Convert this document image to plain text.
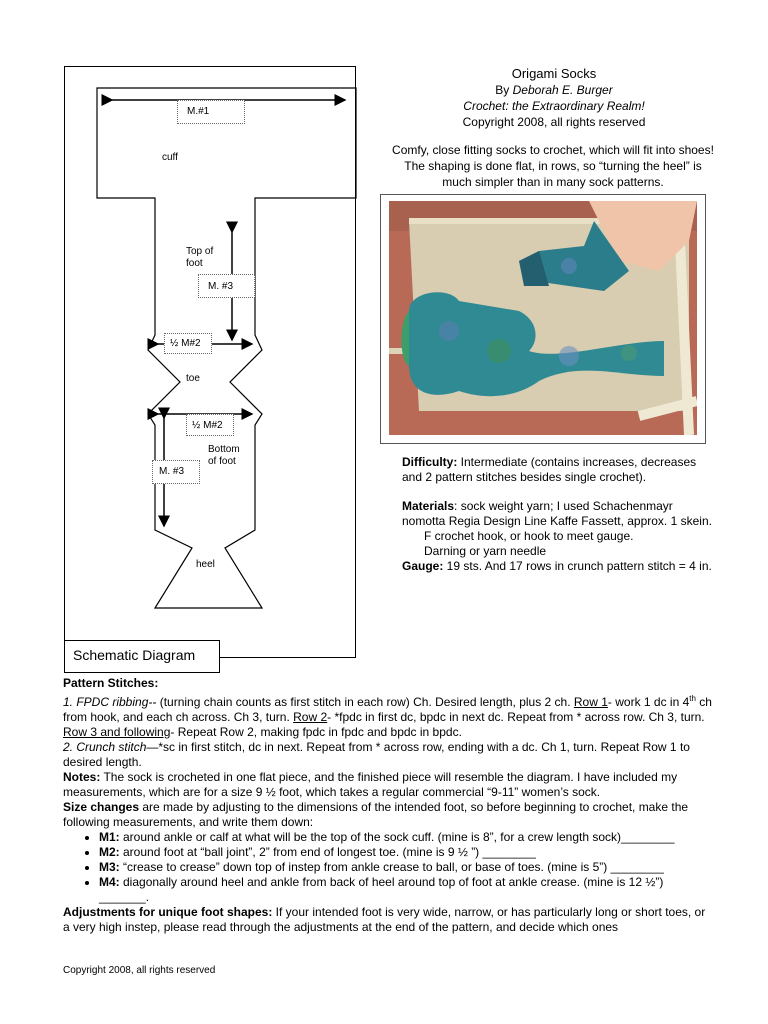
M.#1
cuff
Top of
foot
M. #3
½ M#2
toe
½ M#2
Bottom
of foot
M. #3
heel
Schematic Diagram
Origami Socks
By Deborah E. Burger
Crochet: the Extraordinary Realm!
Copyright 2008, all rights reserved
Comfy, close fitting socks to crochet, which will fit into shoes! The shaping is done flat, in rows, so “turning the heel” is much simpler than in many sock patterns.

Difficulty: Intermediate (contains increases, decreases and 2 pattern stitches besides single crochet).

Materials: sock weight yarn; I used Schachenmayr nomotta Regia Design Line Kaffe Fassett, approx. 1 skein.

F crochet hook, or hook to meet gauge.

Darning or yarn needle

Gauge: 19 sts. And 17 rows in crunch pattern stitch = 4 in.

Pattern Stitches:

1. FPDC ribbing-- (turning chain counts as first stitch in each row) Ch. Desired length, plus 2 ch. Row 1- work 1 dc in 4th ch from hook, and each ch across. Ch 3, turn. Row 2- *fpdc in first dc, bpdc in next dc. Repeat from * across row. Ch 3, turn. Row 3 and following- Repeat Row 2, making fpdc in fpdc and bpdc in bpdc.

2. Crunch stitch—*sc in first stitch, dc in next. Repeat from * across row, ending with a dc. Ch 1, turn. Repeat Row 1 to desired length.

Notes: The sock is crocheted in one flat piece, and the finished piece will resemble the diagram. I have included my measurements, which are for a size 9 ½ foot, which takes a regular commercial “9-11” women’s sock.

Size changes are made by adjusting to the dimensions of the intended foot, so before beginning to crochet, make the following measurements, and write them down:

• M1: around ankle or calf at what will be the top of the sock cuff. (mine is 8”, for a crew length sock)________
• M2: around foot at “ball joint”, 2” from end of longest toe. (mine is 9 ½ ”) ________
• M3: “crease to crease” down top of instep from ankle crease to ball, or base of toes. (mine is 5”) ________
• M4: diagonally around heel and ankle from back of heel around top of foot at ankle crease. (mine is 12 ½”) _______.

Adjustments for unique foot shapes: If your intended foot is very wide, narrow, or has particularly long or short toes, or a very high instep, please read through the adjustments at the end of the pattern, and decide which ones

Copyright 2008, all rights reserved
